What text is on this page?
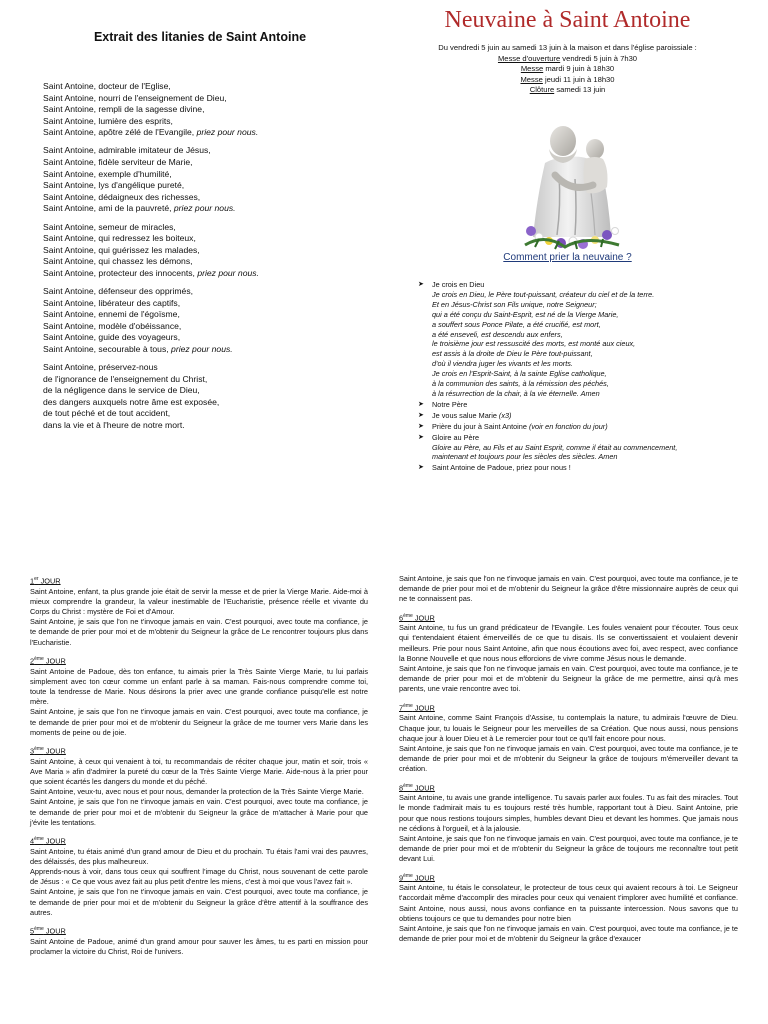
Extrait des litanies de Saint Antoine
Saint Antoine, docteur de l'Eglise,
Saint Antoine, nourri de l'enseignement de Dieu,
Saint Antoine, rempli de la sagesse divine,
Saint Antoine, lumière des esprits,
Saint Antoine, apôtre zélé de l'Evangile, priez pour nous.
Saint Antoine, admirable imitateur de Jésus,
Saint Antoine, fidèle serviteur de Marie,
Saint Antoine, exemple d'humilité,
Saint Antoine, lys d'angélique pureté,
Saint Antoine, dédaigneux des richesses,
Saint Antoine, ami de la pauvreté, priez pour nous.
Saint Antoine, semeur de miracles,
Saint Antoine, qui redressez les boiteux,
Saint Antoine, qui guérissez les malades,
Saint Antoine, qui chassez les démons,
Saint Antoine, protecteur des innocents, priez pour nous.
Saint Antoine, défenseur des opprimés,
Saint Antoine, libérateur des captifs,
Saint Antoine, ennemi de l'égoïsme,
Saint Antoine, modèle d'obéissance,
Saint Antoine, guide des voyageurs,
Saint Antoine, secourable à tous, priez pour nous.
Saint Antoine, préservez-nous
de l'ignorance de l'enseignement du Christ,
de la négligence dans le service de Dieu,
des dangers auxquels notre âme est exposée,
de tout péché et de tout accident,
dans la vie et à l'heure de notre mort.
Neuvaine à Saint Antoine
Du vendredi 5 juin au samedi 13 juin à la maison et dans l'église paroissiale :
Messe d'ouverture vendredi 5 juin à 7h30
Messe mardi 9 juin à 18h30
Messe jeudi 11 juin à 18h30
Clôture samedi 13 juin
Comment prier la neuvaine ?
➤ Je crois en Dieu
Je crois en Dieu, le Père tout-puissant, créateur du ciel et de la terre.
Et en Jésus-Christ son Fils unique, notre Seigneur;
qui a été conçu du Saint-Esprit, est né de la Vierge Marie,
a souffert sous Ponce Pilate, a été crucifié, est mort,
a été enseveli, est descendu aux enfers,
le troisième jour est ressuscité des morts, est monté aux cieux,
est assis à la droite de Dieu le Père tout-puissant,
d'où il viendra juger les vivants et les morts.
Je crois en l'Esprit-Saint, à la sainte Eglise catholique,
à la communion des saints, à la rémission des péchés,
à la résurrection de la chair, à la vie éternelle. Amen
➤ Notre Père
➤ Je vous salue Marie (x3)
➤ Prière du jour à Saint Antoine (voir en fonction du jour)
➤ Gloire au Père
Gloire au Père, au Fils et au Saint Esprit, comme il était au commencement,
maintenant et toujours pour les siècles des siècles. Amen
➤ Saint Antoine de Padoue, priez pour nous !
1er JOUR
Saint Antoine, enfant, ta plus grande joie était de servir la messe et de prier la Vierge Marie. Aide-moi à mieux comprendre la grandeur, la valeur inestimable de l'Eucharistie, présence réelle et vivante du Corps du Christ : mystère de Foi et d'Amour.
Saint Antoine, je sais que l'on ne t'invoque jamais en vain. C'est pourquoi, avec toute ma confiance, je te demande de prier pour moi et de m'obtenir du Seigneur la grâce de Le rencontrer toujours plus dans l'Eucharistie.
2ème JOUR
Saint Antoine de Padoue, dès ton enfance, tu aimais prier la Très Sainte Vierge Marie, tu lui parlais simplement avec ton cœur comme un enfant parle à sa maman. Fais-nous comprendre comme toi, toute la tendresse de Marie. Nous désirons la prier avec une grande confiance puisqu'elle est notre mère.
Saint Antoine, je sais que l'on ne t'invoque jamais en vain. C'est pourquoi, avec toute ma confiance, je te demande de prier pour moi et de m'obtenir du Seigneur la grâce de me tourner vers Marie dans les moments de peine ou de joie.
3ème JOUR
Saint Antoine, à ceux qui venaient à toi, tu recommandais de réciter chaque jour, matin et soir, trois « Ave Maria » afin d'admirer la pureté du cœur de la Très Sainte Vierge Marie. Aide-nous à la prier pour que soient écartés les dangers du monde et du péché.
Saint Antoine, veux-tu, avec nous et pour nous, demander la protection de la Très Sainte Vierge Marie.
Saint Antoine, je sais que l'on ne t'invoque jamais en vain. C'est pourquoi, avec toute ma confiance, je te demande de prier pour moi et de m'obtenir du Seigneur la grâce de m'attacher à Marie pour que j'évite les tentations.
4ème JOUR
Saint Antoine, tu étais animé d'un grand amour de Dieu et du prochain. Tu étais l'ami vrai des pauvres, des délaissés, des plus malheureux.
Apprends-nous à voir, dans tous ceux qui souffrent l'image du Christ, nous souvenant de cette parole de Jésus : « Ce que vous avez fait au plus petit d'entre les miens, c'est à moi que vous l'avez fait ».
Saint Antoine, je sais que l'on ne t'invoque jamais en vain. C'est pourquoi, avec toute ma confiance, je te demande de prier pour moi et de m'obtenir du Seigneur la grâce d'être attentif à la souffrance des autres.
5ème JOUR
Saint Antoine de Padoue, animé d'un grand amour pour sauver les âmes, tu es parti en mission pour proclamer la victoire du Christ, Roi de l'univers.
Saint Antoine, je sais que l'on ne t'invoque jamais en vain. C'est pourquoi, avec toute ma confiance, je te demande de prier pour moi et de m'obtenir du Seigneur la grâce d'être missionnaire auprès de ceux qui ne te connaissent pas.
6ème JOUR
Saint Antoine, tu fus un grand prédicateur de l'Evangile. Les foules venaient pour t'écouter. Tous ceux qui t'entendaient étaient émerveillés de ce que tu disais. Ils se convertissaient et voulaient devenir meilleurs. Prie pour nous Saint Antoine, afin que nous écoutions avec foi, avec respect, avec confiance la Bonne Nouvelle et que nous nous efforcions de vivre comme Jésus nous le demande.
Saint Antoine, je sais que l'on ne t'invoque jamais en vain. C'est pourquoi, avec toute ma confiance, je te demande de prier pour moi et de m'obtenir du Seigneur la grâce de me permettre, ainsi qu'à mes parents, une vraie rencontre avec toi.
7ème JOUR
Saint Antoine, comme Saint François d'Assise, tu contemplais la nature, tu admirais l'œuvre de Dieu. Chaque jour, tu louais le Seigneur pour les merveilles de sa Création. Que nous aussi, nous pensions chaque jour à louer Dieu et à Le remercier pour tout ce qu'Il fait encore pour nous.
Saint Antoine, je sais que l'on ne t'invoque jamais en vain. C'est pourquoi, avec toute ma confiance, je te demande de prier pour moi et de m'obtenir du Seigneur la grâce de toujours m'émerveiller devant ta création.
8ème JOUR
Saint Antoine, tu avais une grande intelligence. Tu savais parler aux foules. Tu as fait des miracles. Tout le monde t'admirait mais tu es toujours resté très humble, rapportant tout à Dieu. Saint Antoine, prie pour que nous restions toujours simples, humbles devant Dieu et devant les hommes. Que jamais nous ne cédions à l'orgueil, et à la jalousie.
Saint Antoine, je sais que l'on ne t'invoque jamais en vain. C'est pourquoi, avec toute ma confiance, je te demande de prier pour moi et de m'obtenir du Seigneur la grâce de toujours me reconnaître tout petit devant Lui.
9ème JOUR
Saint Antoine, tu étais le consolateur, le protecteur de tous ceux qui avaient recours à toi. Le Seigneur t'accordait même d'accomplir des miracles pour ceux qui venaient t'implorer avec humilité et confiance. Saint Antoine, nous aussi, nous avons confiance en ta puissante intercession. Nous savons que tu obtiens toujours ce que tu demandes pour notre bien
Saint Antoine, je sais que l'on ne t'invoque jamais en vain. C'est pourquoi, avec toute ma confiance, je te demande de prier pour moi et de m'obtenir du Seigneur la grâce d'exaucer
